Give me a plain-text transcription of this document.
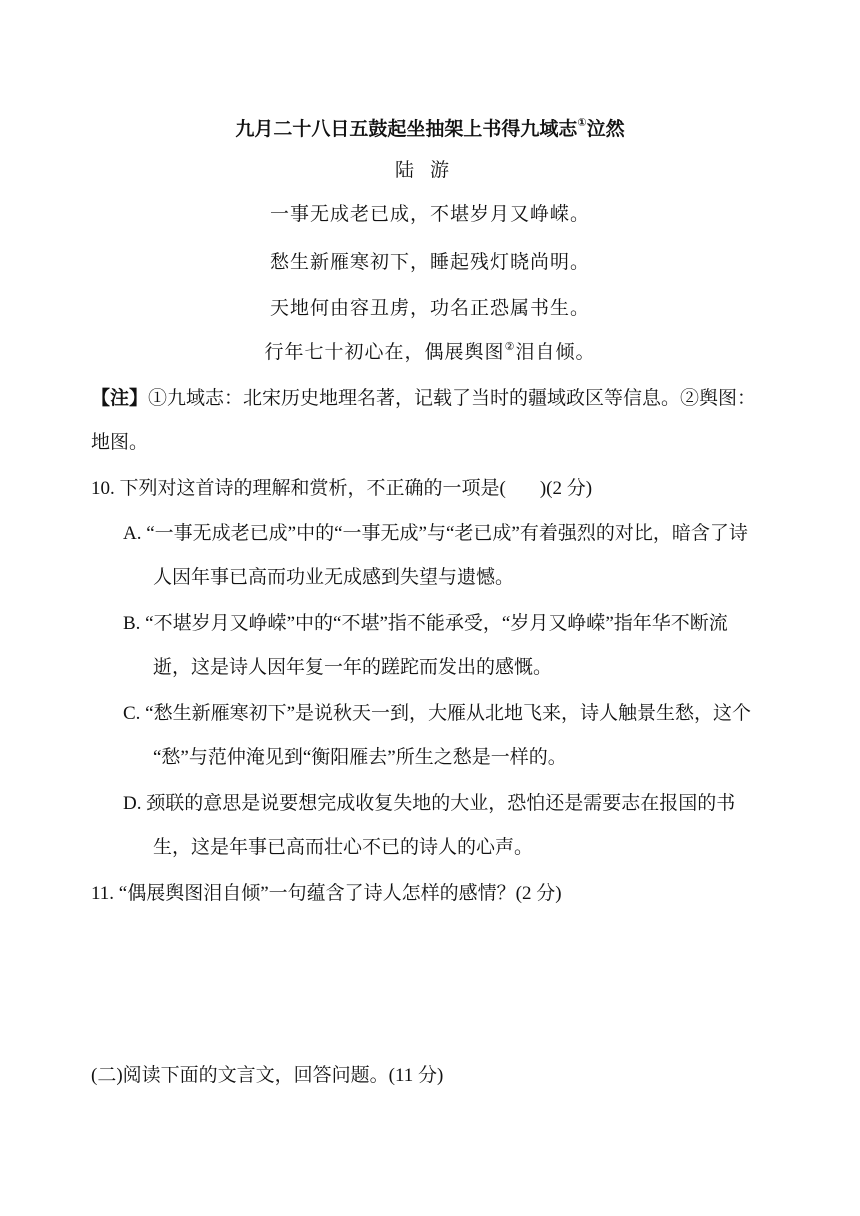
九月二十八日五鼓起坐抽架上书得九域志①泣然
陆游
一事无成老已成，不堪岁月又峥嵘。
愁生新雁寒初下，睡起残灯晓尚明。
天地何由容丑虏，功名正恐属书生。
行年七十初心在，偶展舆图②泪自倾。
【注】①九域志：北宋历史地理名著，记载了当时的疆域政区等信息。②舆图：
地图。
10. 下列对这首诗的理解和赏析，不正确的一项是( )(2 分)
A. “一事无成老已成”中的“一事无成”与“老已成”有着强烈的对比，暗含了诗
人因年事已高而功业无成感到失望与遗憾。
B. “不堪岁月又峥嵘”中的“不堪”指不能承受，“岁月又峥嵘”指年华不断流
逝，这是诗人因年复一年的蹉跎而发出的感慨。
C. “愁生新雁寒初下”是说秋天一到，大雁从北地飞来，诗人触景生愁，这个
“愁”与范仲淹见到“衡阳雁去”所生之愁是一样的。
D. 颈联的意思是说要想完成收复失地的大业，恐怕还是需要志在报国的书
生，这是年事已高而壮心不已的诗人的心声。
11. “偶展舆图泪自倾”一句蕴含了诗人怎样的感情？(2 分)
(二)阅读下面的文言文，回答问题。(11 分)
